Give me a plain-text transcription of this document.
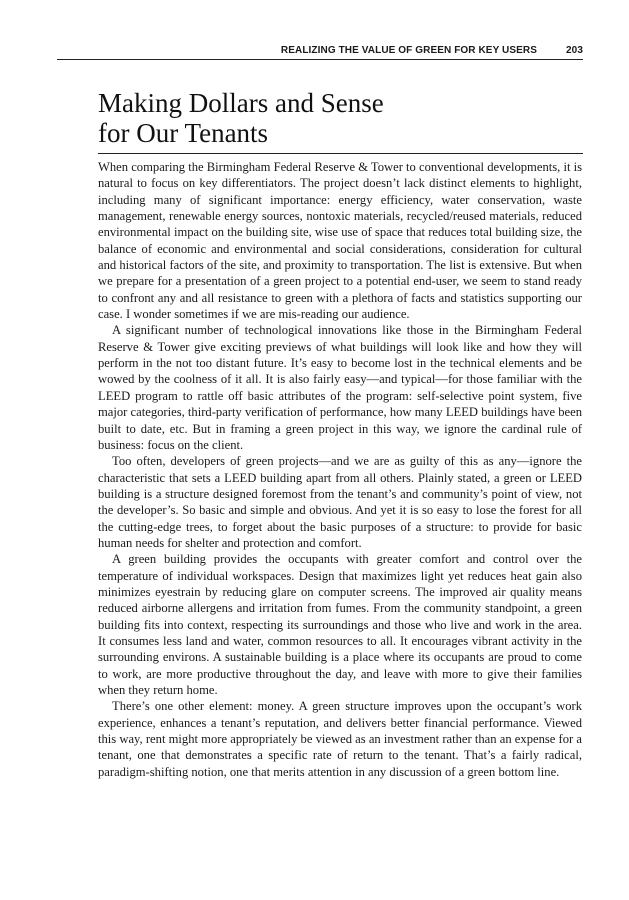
REALIZING THE VALUE OF GREEN FOR KEY USERS	203
Making Dollars and Sense
for Our Tenants

When comparing the Birmingham Federal Reserve & Tower to conventional developments, it is natural to focus on key differentiators. The project doesn’t lack distinct elements to highlight, including many of significant importance: energy efficiency, water conservation, waste management, renewable energy sources, nontoxic materials, recycled/reused materials, reduced environmental impact on the building site, wise use of space that reduces total building size, the balance of economic and environmental and social considerations, consideration for cultural and historical factors of the site, and proximity to transportation. The list is extensive. But when we prepare for a presentation of a green project to a potential end-user, we seem to stand ready to confront any and all resistance to green with a plethora of facts and statistics supporting our case. I wonder sometimes if we are mis-reading our audience.

A significant number of technological innovations like those in the Birmingham Federal Reserve & Tower give exciting previews of what buildings will look like and how they will perform in the not too distant future. It’s easy to become lost in the technical elements and be wowed by the coolness of it all. It is also fairly easy—and typical—for those familiar with the LEED program to rattle off basic attributes of the program: self-selective point system, five major categories, third-party verification of performance, how many LEED buildings have been built to date, etc. But in framing a green project in this way, we ignore the cardinal rule of business: focus on the client.

Too often, developers of green projects—and we are as guilty of this as any—ignore the characteristic that sets a LEED building apart from all others. Plainly stated, a green or LEED building is a structure designed foremost from the tenant’s and community’s point of view, not the developer’s. So basic and simple and obvious. And yet it is so easy to lose the forest for all the cutting-edge trees, to forget about the basic purposes of a structure: to provide for basic human needs for shelter and protection and comfort.

A green building provides the occupants with greater comfort and control over the temperature of individual workspaces. Design that maximizes light yet reduces heat gain also minimizes eyestrain by reducing glare on computer screens. The improved air quality means reduced airborne allergens and irritation from fumes. From the community standpoint, a green building fits into context, respecting its surroundings and those who live and work in the area. It consumes less land and water, common resources to all. It encourages vibrant activity in the surrounding environs. A sustainable building is a place where its occupants are proud to come to work, are more productive throughout the day, and leave with more to give their families when they return home.

There’s one other element: money. A green structure improves upon the occupant’s work experience, enhances a tenant’s reputation, and delivers better financial performance. Viewed this way, rent might more appropriately be viewed as an investment rather than an expense for a tenant, one that demonstrates a specific rate of return to the tenant. That’s a fairly radical, paradigm-shifting notion, one that merits attention in any discussion of a green bottom line.
